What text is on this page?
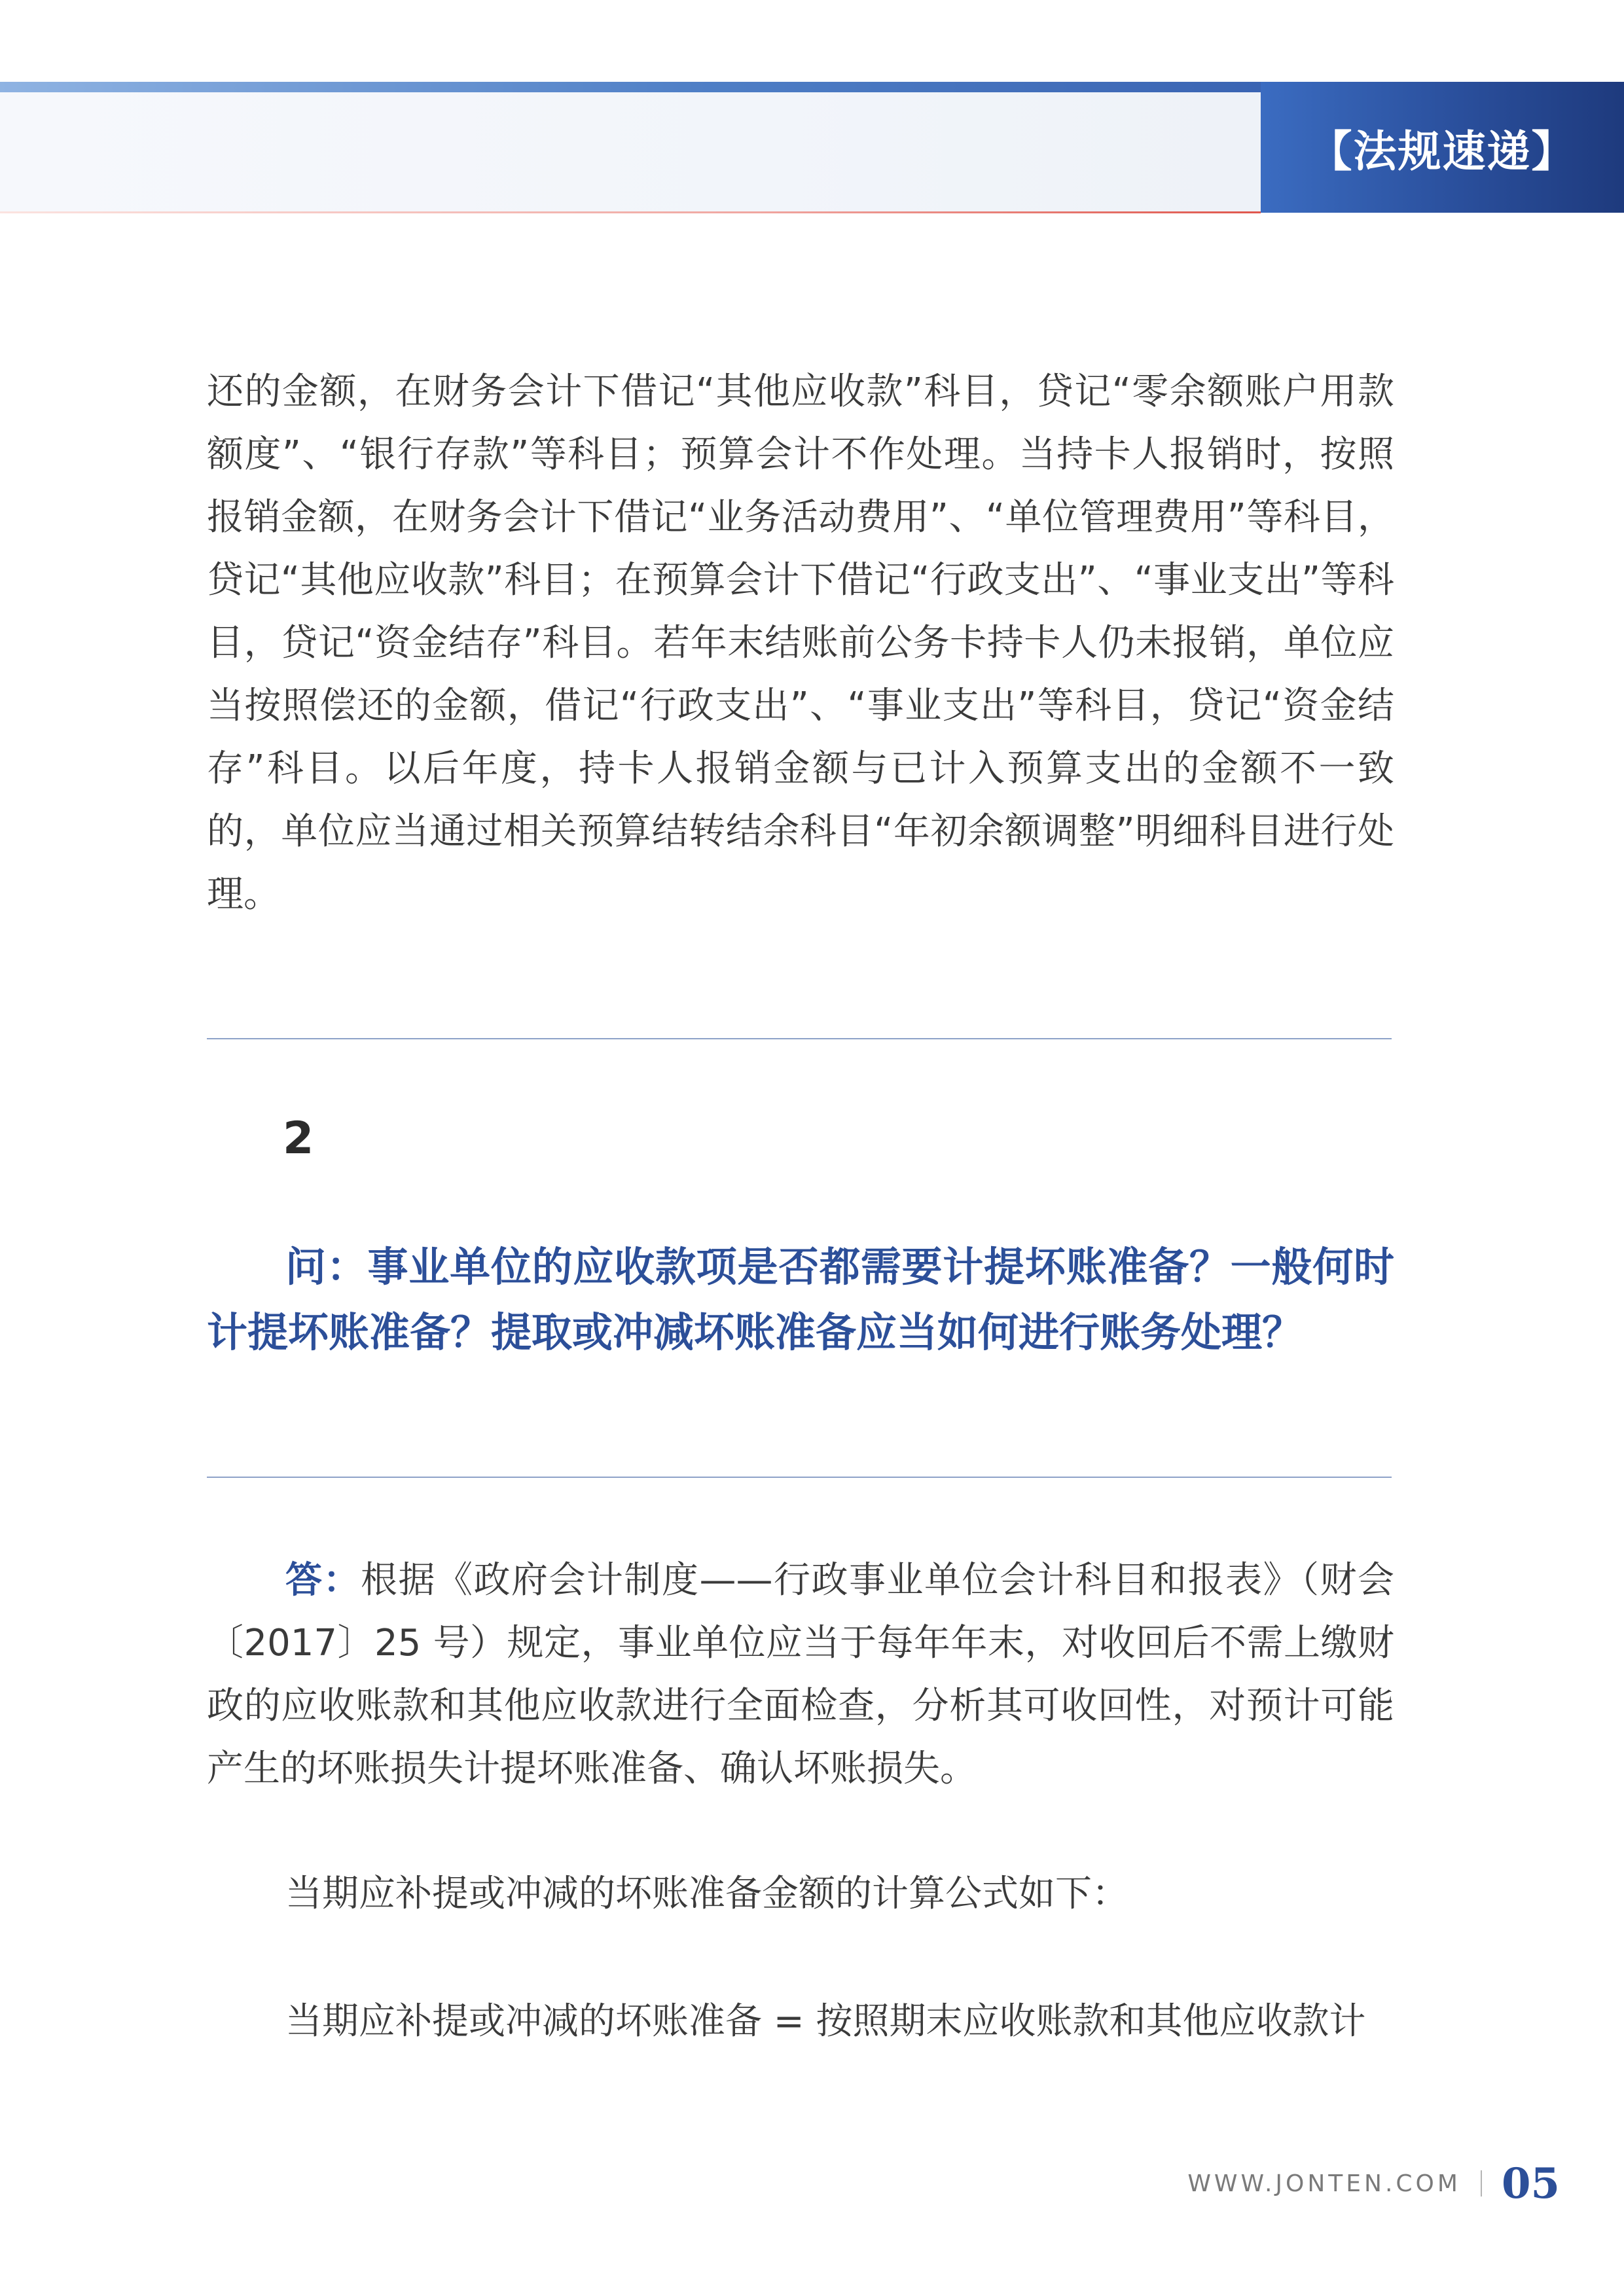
【法规速递】

还的金额，在财务会计下借记“其他应收款”科目，贷记“零余额账户用款额度”、“银行存款”等科目；预算会计不作处理。当持卡人报销时，按照报销金额，在财务会计下借记“业务活动费用”、“单位管理费用”等科目，贷记“其他应收款”科目；在预算会计下借记“行政支出”、“事业支出”等科目，贷记“资金结存”科目。若年末结账前公务卡持卡人仍未报销，单位应当按照偿还的金额，借记“行政支出”、“事业支出”等科目，贷记“资金结存”科目。以后年度，持卡人报销金额与已计入预算支出的金额不一致的，单位应当通过相关预算结转结余科目“年初余额调整”明细科目进行处理。

2

问：事业单位的应收款项是否都需要计提坏账准备？一般何时计提坏账准备？提取或冲减坏账准备应当如何进行账务处理？

答：根据《政府会计制度——行政事业单位会计科目和报表》（财会〔2017〕25 号）规定，事业单位应当于每年年末，对收回后不需上缴财政的应收账款和其他应收款进行全面检查，分析其可收回性，对预计可能产生的坏账损失计提坏账准备、确认坏账损失。

当期应补提或冲减的坏账准备金额的计算公式如下：

当期应补提或冲减的坏账准备 = 按照期末应收账款和其他应收款计

WWW.JONTEN.COM 05
